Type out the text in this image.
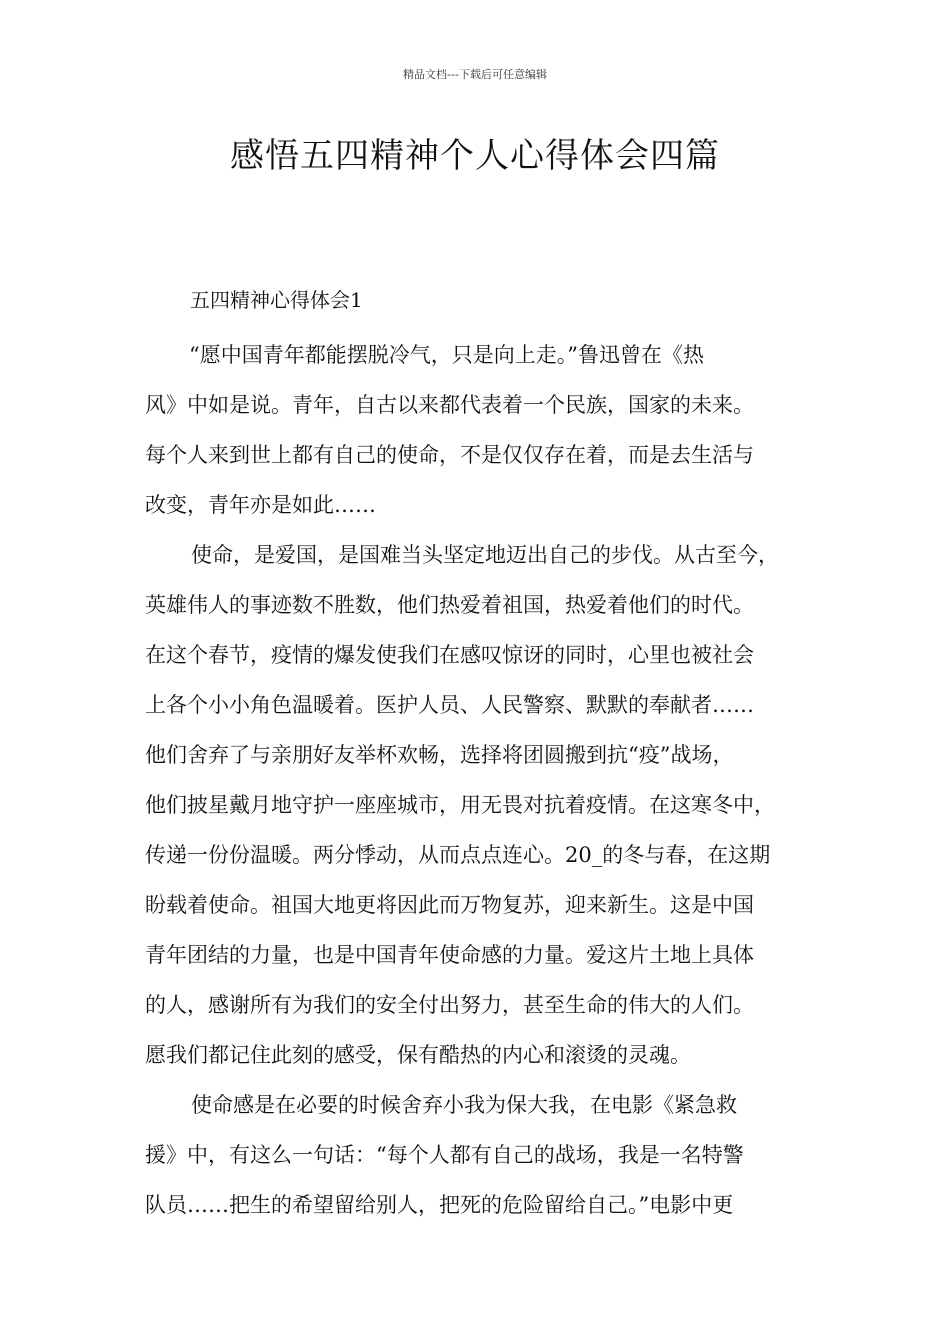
精品文档---下载后可任意编辑
感悟五四精神个人心得体会四篇
五四精神心得体会1
“愿中国青年都能摆脱冷气，只是向上走。”鲁迅曾在《热
风》中如是说。青年，自古以来都代表着一个民族，国家的未来。
每个人来到世上都有自己的使命，不是仅仅存在着，而是去生活与
改变，青年亦是如此……
使命，是爱国，是国难当头坚定地迈出自己的步伐。从古至今，
英雄伟人的事迹数不胜数，他们热爱着祖国，热爱着他们的时代。
在这个春节，疫情的爆发使我们在感叹惊讶的同时，心里也被社会
上各个小小角色温暖着。医护人员、人民警察、默默的奉献者……
他们舍弃了与亲朋好友举杯欢畅，选择将团圆搬到抗“疫”战场，
他们披星戴月地守护一座座城市，用无畏对抗着疫情。在这寒冬中，
传递一份份温暖。两分悸动，从而点点连心。20_的冬与春，在这期
盼载着使命。祖国大地更将因此而万物复苏，迎来新生。这是中国
青年团结的力量，也是中国青年使命感的力量。爱这片土地上具体
的人，感谢所有为我们的安全付出努力，甚至生命的伟大的人们。
愿我们都记住此刻的感受，保有酷热的内心和滚烫的灵魂。
使命感是在必要的时候舍弃小我为保大我，在电影《紧急救
援》中，有这么一句话：“每个人都有自己的战场，我是一名特警
队员……把生的希望留给别人，把死的危险留给自己。”电影中更
